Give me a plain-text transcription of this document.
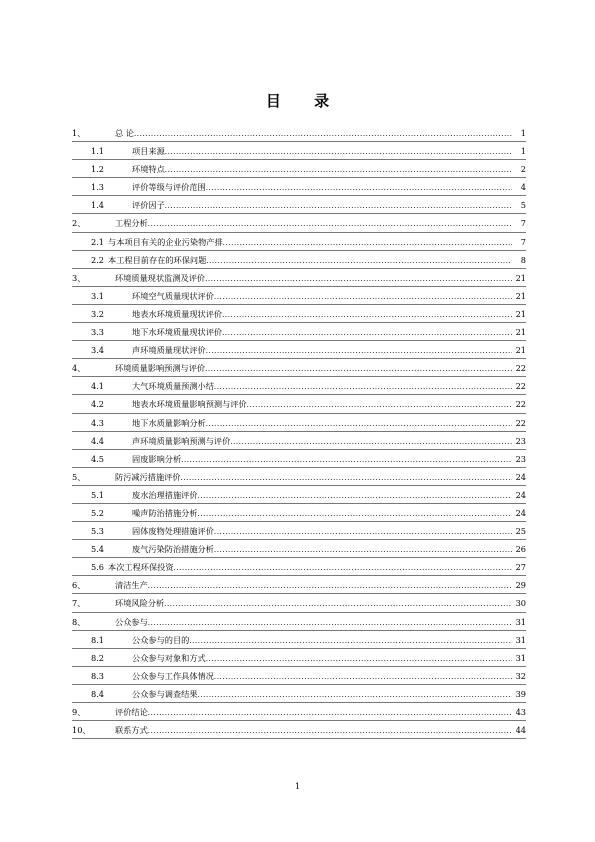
目 录
1、	总 论 .....	1
1.1	项目来源 .....	1
1.2	环境特点 .....	2
1.3	评价等级与评价范围 .....	4
1.4	评价因子 .....	5
2、	工程分析 .....	7
2.1 与本项目有关的企业污染物产排 .....	7
2.2 本工程目前存在的环保问题 .....	8
3、	环境质量现状监测及评价 .....	21
3.1	环境空气质量现状评价 .....	21
3.2	地表水环境质量现状评价 .....	21
3.3	地下水环境质量现状评价 .....	21
3.4	声环境质量现状评价 .....	21
4、	环境质量影响预测与评价 .....	22
4.1	大气环境质量预测小结 .....	22
4.2	地表水环境质量影响预测与评价 .....	22
4.3	地下水质量影响分析 .....	22
4.4	声环境质量影响预测与评价 .....	23
4.5	固废影响分析 .....	23
5、	防污减污措施评价 .....	24
5.1	废水治理措施评价 .....	24
5.2	噪声防治措施分析 .....	24
5.3	固体废物处理措施评价 .....	25
5.4	废气污染防治措施分析 .....	26
5.6 本次工程环保投资 .....	27
6、	清洁生产 .....	29
7、	环境风险分析 .....	30
8、	公众参与 .....	31
8.1	公众参与的目的 .....	31
8.2	公众参与对象和方式 .....	31
8.3	公众参与工作具体情况 .....	32
8.4	公众参与调查结果 .....	39
9、	评价结论 .....	43
10、	联系方式 .....	44
1
